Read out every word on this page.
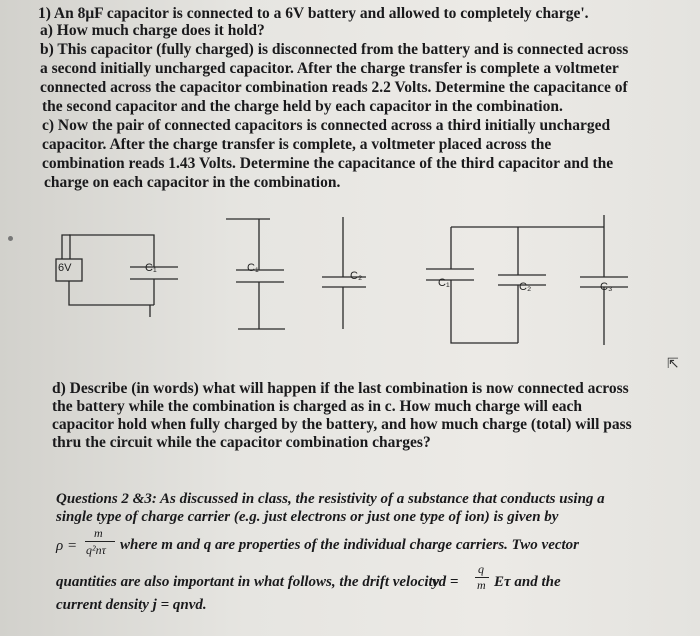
1) An 8μF capacitor is connected to a 6V battery and allowed to completely charge'.
a) How much charge does it hold?
b) This capacitor (fully charged) is disconnected from the battery and is connected across
a second initially uncharged capacitor. After the charge transfer is complete a voltmeter
connected across the capacitor combination reads 2.2 Volts. Determine the capacitance of
the second capacitor and the charge held by each capacitor in the combination.
c) Now the pair of connected capacitors is connected across a third initially uncharged
capacitor. After the charge transfer is complete, a voltmeter placed across the
combination reads 1.43 Volts. Determine the capacitance of the third capacitor and the
charge on each capacitor in the combination.
6V	C₁	C₁
C₂
C₁	C₂	C₃
⇱
d) Describe (in words) what will happen if the last combination is now connected across
the battery while the combination is charged as in c. How much charge will each
capacitor hold when fully charged by the battery, and how much charge (total) will pass
thru the circuit while the capacitor combination charges?
Questions 2 &3: As discussed in class, the resistivity of a substance that conducts using a
single type of charge carrier (e.g. just electrons or just one type of ion) is given by
ρ =
m
q²nτ where m and q are properties of the individual charge carriers. Two vector
quantities are also important in what follows, the drift velocity
vd =
q
m Eτ and the
current density j = qnvd.
